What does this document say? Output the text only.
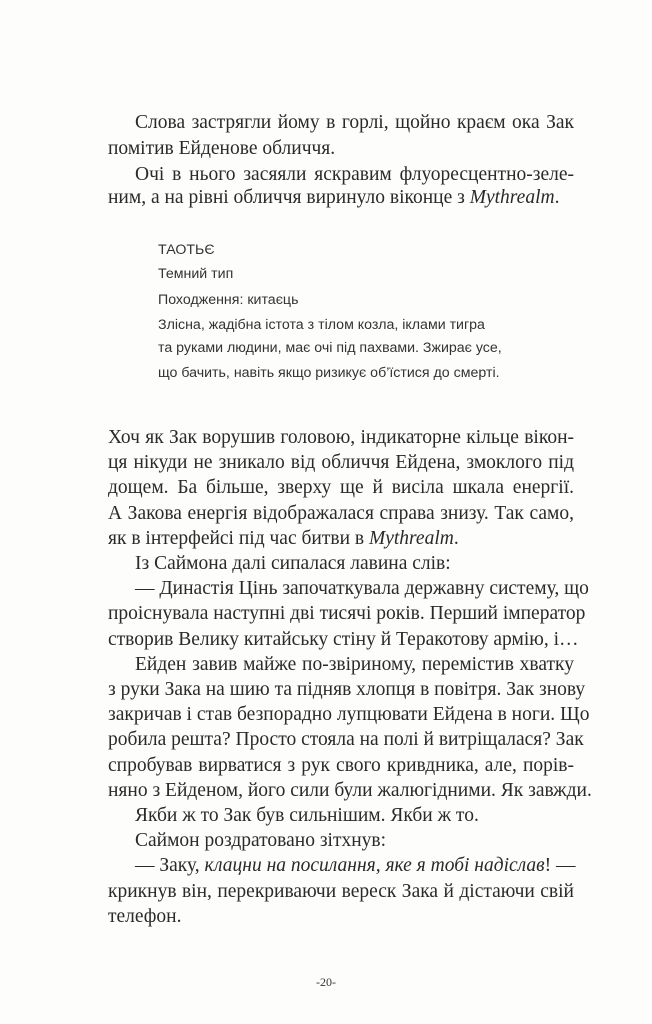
Слова застрягли йому в горлі, щойно краєм ока Зак
помітив Ейденове обличчя.
Очі в нього засяяли яскравим флуоресцентно-зеле-
ним, а на рівні обличчя виринуло віконце з Mythrealm.
ТАОТЬЄ
Темний тип
Походження: китаєць
Злісна, жадібна істота з тілом козла, іклами тигра
та руками людини, має очі під пахвами. Зжирає усе,
що бачить, навіть якщо ризикує об’їстися до смерті.
Хоч як Зак ворушив головою, індикаторне кільце вікон-
ця нікуди не зникало від обличчя Ейдена, змоклого під
дощем. Ба більше, зверху ще й висіла шкала енергії.
А Закова енергія відображалася справа знизу. Так само,
як в інтерфейсі під час битви в Mythrealm.
Із Саймона далі сипалася лавина слів:
— Династія Цінь започаткувала державну систему, що
проіснувала наступні дві тисячі років. Перший імператор
створив Велику китайську стіну й Теракотову армію, і…
Ейден завив майже по-звіриному, перемістив хватку
з руки Зака на шию та підняв хлопця в повітря. Зак знову
закричав і став безпорадно лупцювати Ейдена в ноги. Що
робила решта? Просто стояла на полі й витріщалася? Зак
спробував вирватися з рук свого кривдника, але, порів-
няно з Ейденом, його сили були жалюгідними. Як завжди.
Якби ж то Зак був сильнішим. Якби ж то.
Саймон роздратовано зітхнув:
— Заку, клацни на посилання, яке я тобі надіслав! —
крикнув він, перекриваючи вереск Зака й дістаючи свій
телефон.
-20-
